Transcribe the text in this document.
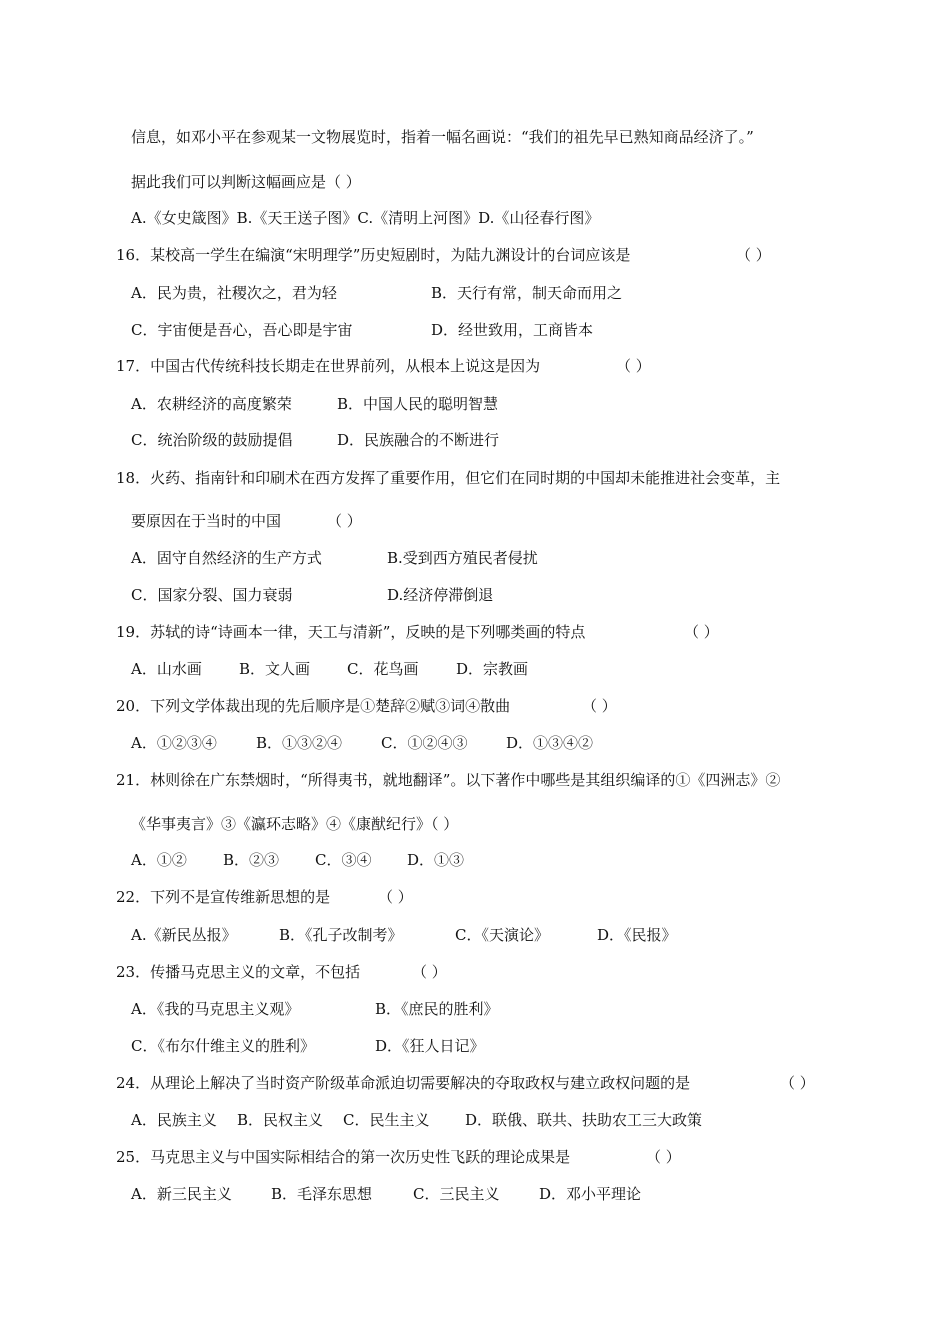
信息，如邓小平在参观某一文物展览时，指着一幅名画说：“我们的祖先早已熟知商品经济了。”
据此我们可以判断这幅画应是（ ）
A.《女史箴图》B.《天王送子图》C.《清明上河图》D.《山径春行图》
16．某校高一学生在编演“宋明理学”历史短剧时，为陆九渊设计的台词应该是	（ ）
A．民为贵，社稷次之，君为轻	B．天行有常，制天命而用之
C．宇宙便是吾心，吾心即是宇宙	D．经世致用，工商皆本
17．中国古代传统科技长期走在世界前列，从根本上说这是因为	（ ）
A．农耕经济的高度繁荣	B．中国人民的聪明智慧
C．统治阶级的鼓励提倡	D．民族融合的不断进行
18．火药、指南针和印刷术在西方发挥了重要作用，但它们在同时期的中国却未能推进社会变革，主
要原因在于当时的中国	（ ）
A．固守自然经济的生产方式	B.受到西方殖民者侵扰
C．国家分裂、国力衰弱	D.经济停滞倒退
19．苏轼的诗“诗画本一律，天工与清新”，反映的是下列哪类画的特点	（ ）
A．山水画 B．文人画 C．花鸟画	D．宗教画
20．下列文学体裁出现的先后顺序是①楚辞②赋③词④散曲	（ ）
A．①②③④	B．①③②④	C．①②④③	D．①③④②
21．林则徐在广东禁烟时，“所得夷书，就地翻译”。以下著作中哪些是其组织编译的①《四洲志》②
《华事夷言》③《瀛环志略》④《康猷纪行》（ ）
A．①② B．②③ C．③④ D．①③
22．下列不是宣传维新思想的是	（ ）
A.《新民丛报》	B．《孔子改制考》	C．《天演论》	D．《民报》
23．传播马克思主义的文章，不包括	（ ）
A．《我的马克思主义观》	B．《庶民的胜利》
C．《布尔什维主义的胜利》	D．《狂人日记》
24．从理论上解决了当时资产阶级革命派迫切需要解决的夺取政权与建立政权问题的是	（ ）
A．民族主义 B．民权主义 C．民生主义 D．联俄、联共、扶助农工三大政策
25．马克思主义与中国实际相结合的第一次历史性飞跃的理论成果是	（ ）
A．新三民主义	B．毛泽东思想	C．三民主义	D．邓小平理论
